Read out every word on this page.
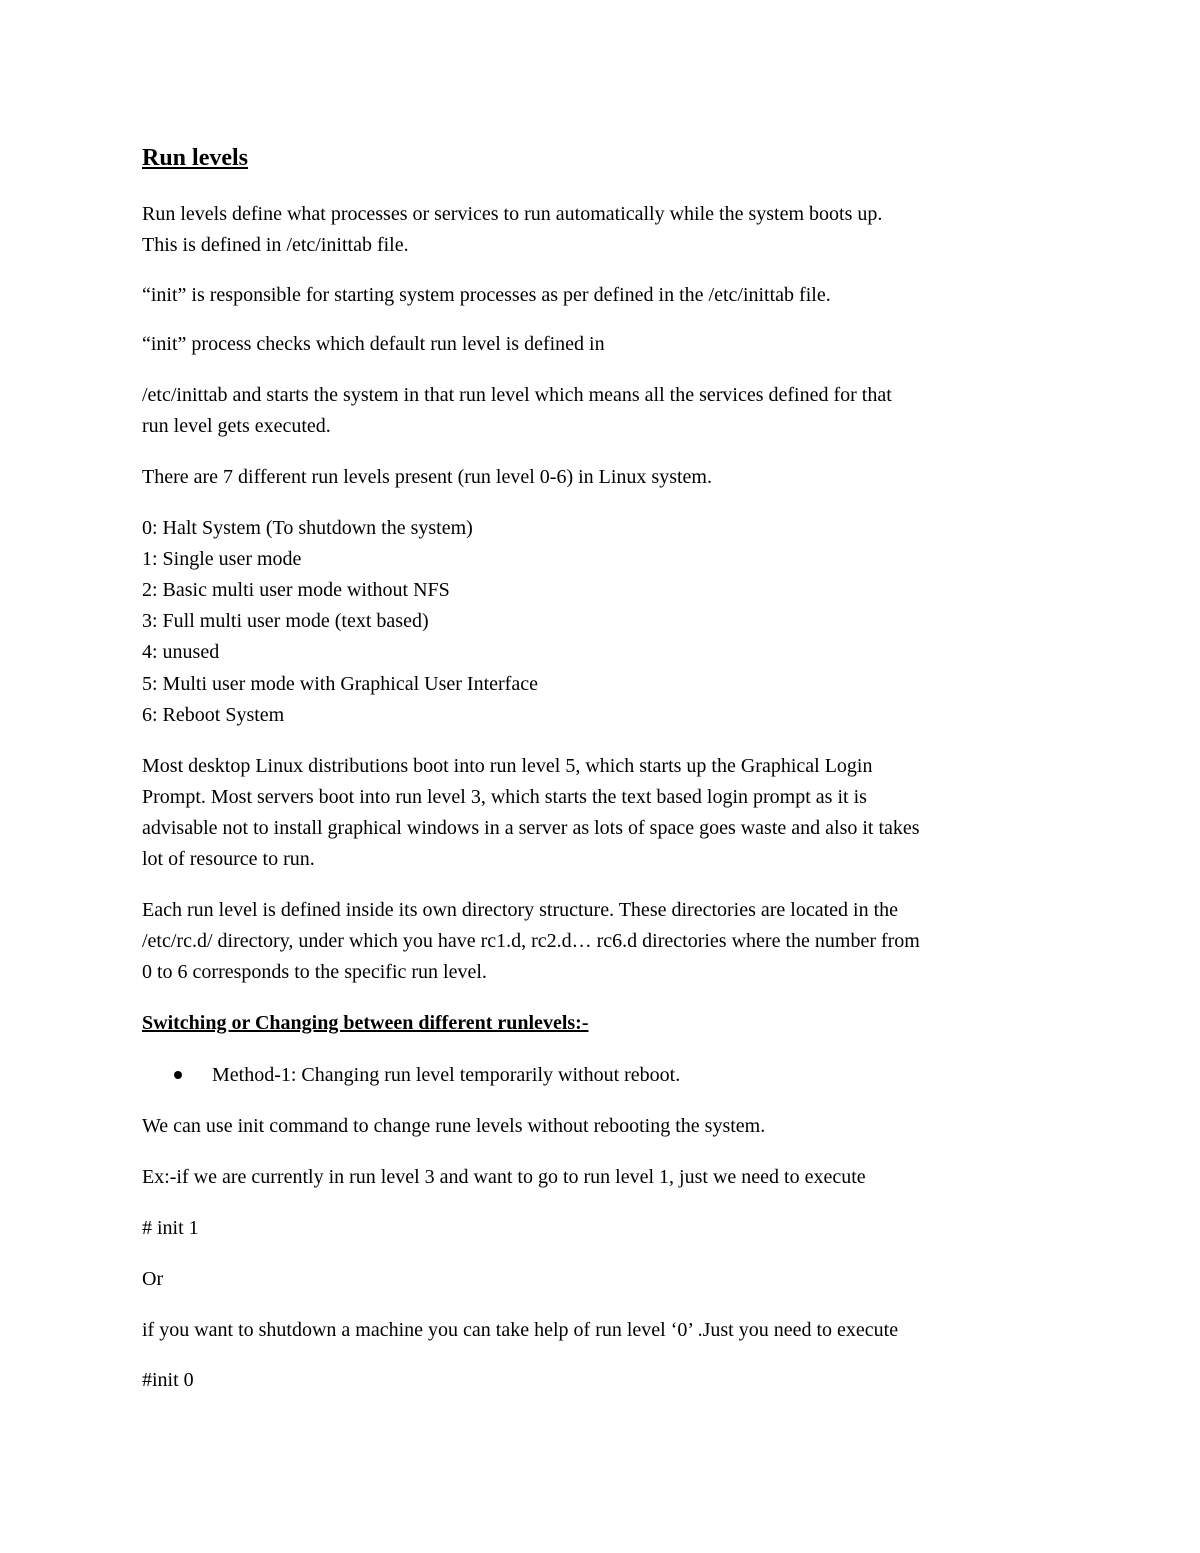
Run levels
Run levels define what processes or services to run automatically while the system boots up.
This is defined in /etc/inittab file.
“init” is responsible for starting system processes as per defined in the /etc/inittab file.
“init” process checks which default run level is defined in
/etc/inittab and starts the system in that run level which means all the services defined for that
run level gets executed.
There are 7 different run levels present (run level 0-6) in Linux system.
0: Halt System (To shutdown the system)
1: Single user mode
2: Basic multi user mode without NFS
3: Full multi user mode (text based)
4: unused
5: Multi user mode with Graphical User Interface
6: Reboot System
Most desktop Linux distributions boot into run level 5, which starts up the Graphical Login
Prompt. Most servers boot into run level 3, which starts the text based login prompt as it is
advisable not to install graphical windows in a server as lots of space goes waste and also it takes
lot of resource to run.
Each run level is defined inside its own directory structure. These directories are located in the
/etc/rc.d/ directory, under which you have rc1.d, rc2.d… rc6.d directories where the number from
0 to 6 corresponds to the specific run level.
Switching or Changing between different runlevels:-
Method-1: Changing run level temporarily without reboot.
We can use init command to change rune levels without rebooting the system.
Ex:-if we are currently in run level 3 and want to go to run level 1, just we need to execute
# init 1
Or
if you want to shutdown a machine you can take help of run level ‘0’ .Just you need to execute
#init 0
